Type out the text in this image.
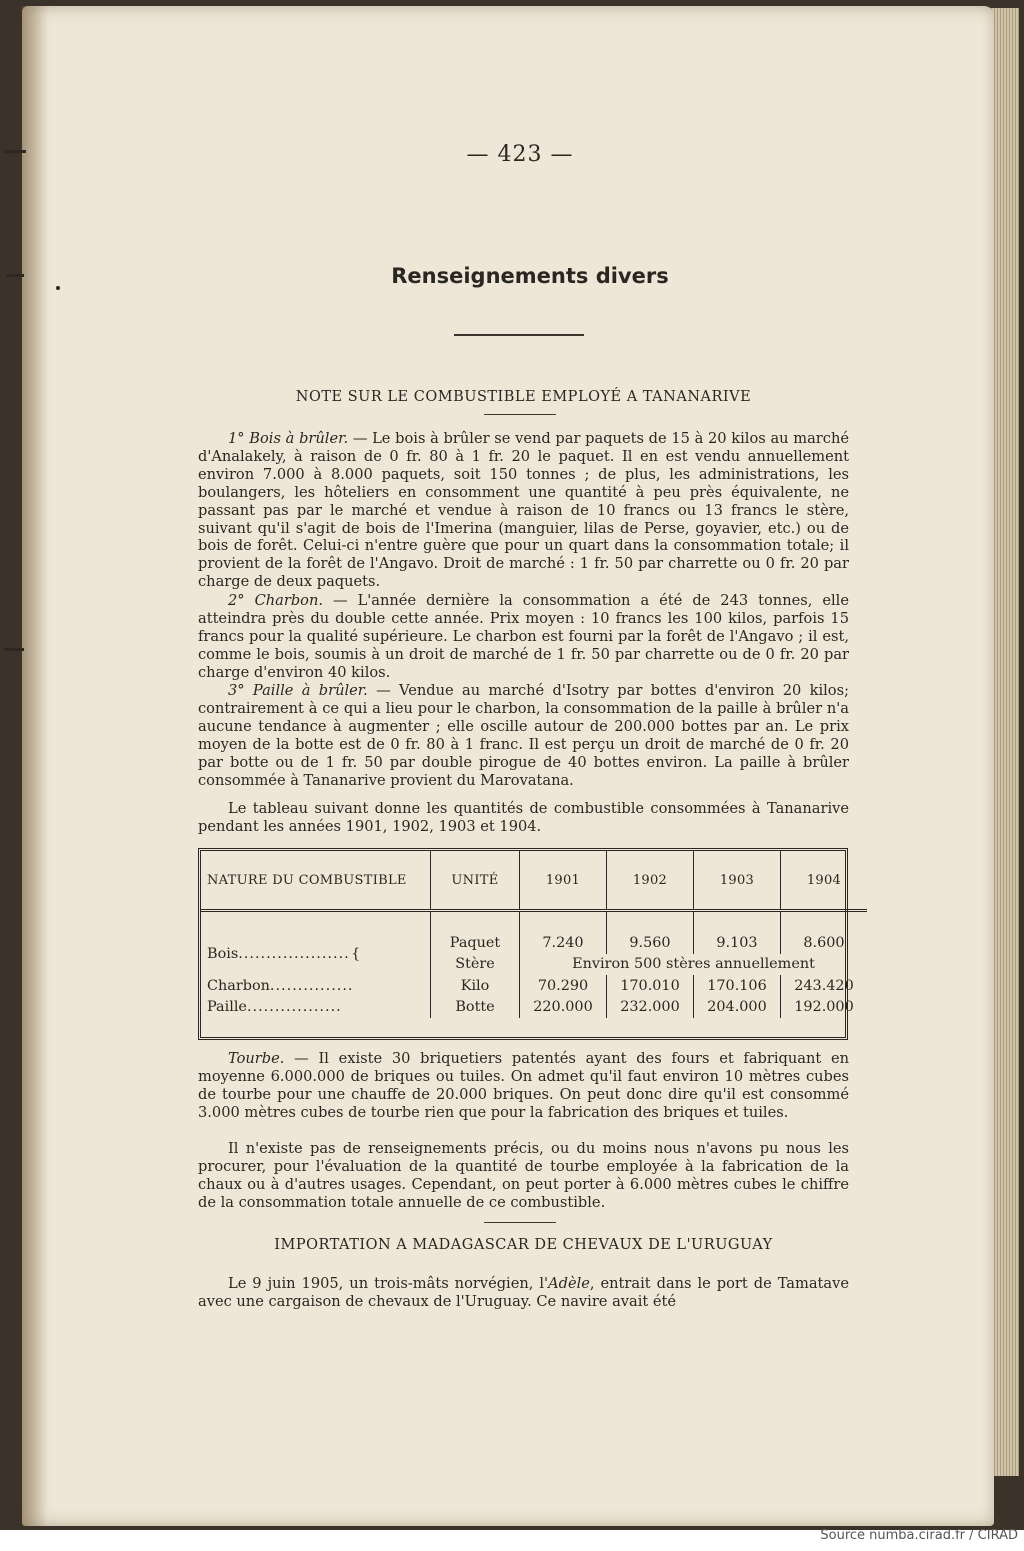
— 423 —
Renseignements divers
NOTE SUR LE COMBUSTIBLE EMPLOYÉ A TANANARIVE

1° Bois à brûler. — Le bois à brûler se vend par paquets de 15 à 20 kilos au marché d'Analakely, à raison de 0 fr. 80 à 1 fr. 20 le paquet. Il en est vendu annuellement environ 7.000 à 8.000 paquets, soit 150 tonnes ; de plus, les administrations, les boulangers, les hôteliers en consomment une quantité à peu près équivalente, ne passant pas par le marché et vendue à raison de 10 francs ou 13 francs le stère, suivant qu'il s'agit de bois de l'Imerina (manguier, lilas de Perse, goyavier, etc.) ou de bois de forêt. Celui-ci n'entre guère que pour un quart dans la consommation totale; il provient de la forêt de l'Angavo. Droit de marché : 1 fr. 50 par charrette ou 0 fr. 20 par charge de deux paquets.

2° Charbon. — L'année dernière la consommation a été de 243 tonnes, elle atteindra près du double cette année. Prix moyen : 10 francs les 100 kilos, parfois 15 francs pour la qualité supérieure. Le charbon est fourni par la forêt de l'Angavo ; il est, comme le bois, soumis à un droit de marché de 1 fr. 50 par charrette ou de 0 fr. 20 par charge d'environ 40 kilos.

3° Paille à brûler. — Vendue au marché d'Isotry par bottes d'environ 20 kilos; contrairement à ce qui a lieu pour le charbon, la consommation de la paille à brûler n'a aucune tendance à augmenter ; elle oscille autour de 200.000 bottes par an. Le prix moyen de la botte est de 0 fr. 80 à 1 franc. Il est perçu un droit de marché de 0 fr. 20 par botte ou de 1 fr. 50 par double pirogue de 40 bottes environ. La paille à brûler consommée à Tananarive provient du Marovatana.

Le tableau suivant donne les quantités de combustible consommées à Tananarive pendant les années 1901, 1902, 1903 et 1904.

NATURE DU COMBUSTIBLE	UNITÉ	1901	1902	1903	1904
Bois....................{	Paquet	7.240	9.560	9.103	8.600
	Stère	Environ 500 stères annuellement			
Charbon...............	Kilo	70.290	170.010	170.106	243.420
Paille.................	Botte	220.000	232.000	204.000	192.000

Tourbe. — Il existe 30 briquetiers patentés ayant des fours et fabriquant en moyenne 6.000.000 de briques ou tuiles. On admet qu'il faut environ 10 mètres cubes de tourbe pour une chauffe de 20.000 briques. On peut donc dire qu'il est consommé 3.000 mètres cubes de tourbe rien que pour la fabrication des briques et tuiles.

Il n'existe pas de renseignements précis, ou du moins nous n'avons pu nous les procurer, pour l'évaluation de la quantité de tourbe employée à la fabrication de la chaux ou à d'autres usages. Cependant, on peut porter à 6.000 mètres cubes le chiffre de la consommation totale annuelle de ce combustible.

IMPORTATION A MADAGASCAR DE CHEVAUX DE L'URUGUAY

Le 9 juin 1905, un trois-mâts norvégien, l'Adèle, entrait dans le port de Tamatave avec une cargaison de chevaux de l'Uruguay. Ce navire avait été

Source numba.cirad.fr / CIRAD
